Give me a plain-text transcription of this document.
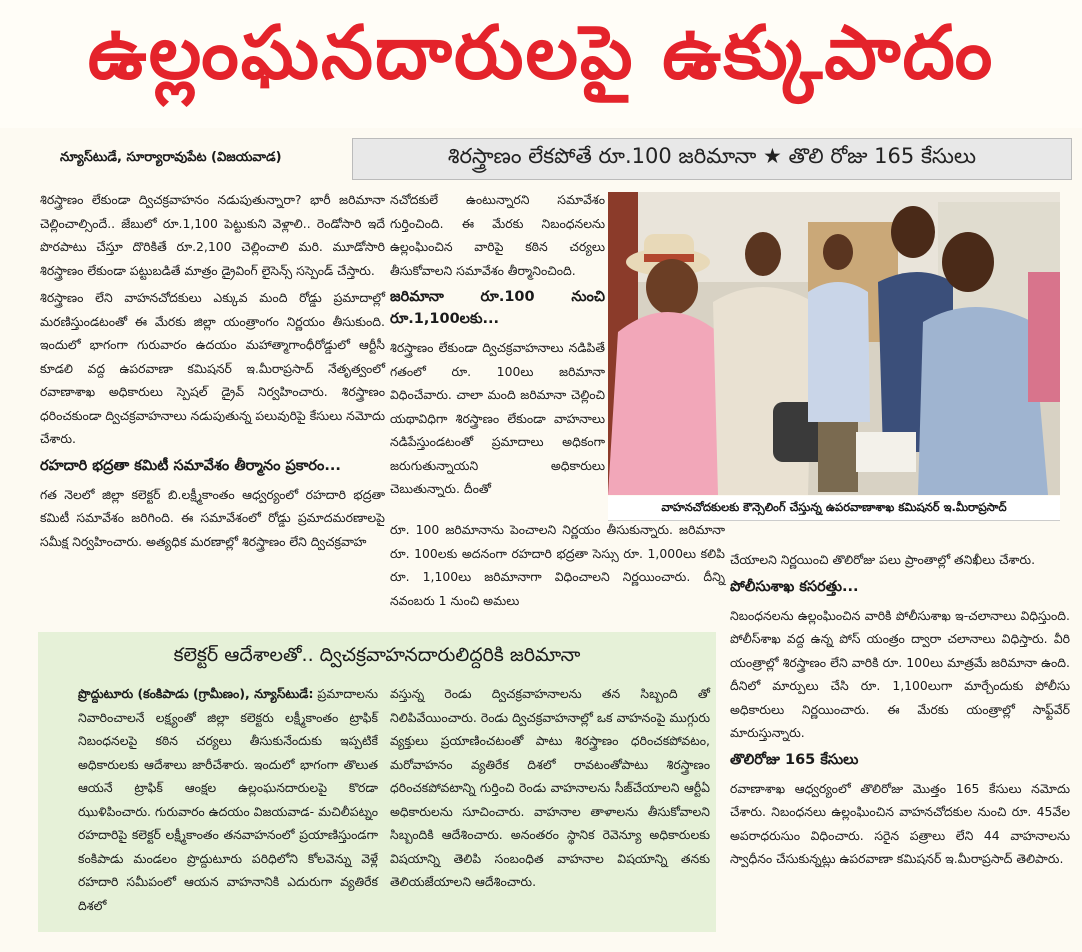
ఉల్లంఘనదారులపై ఉక్కుపాదం
న్యూస్‌టుడే, సూర్యారావుపేట (విజయవాడ)	శిరస్త్రాణం లేకపోతే రూ.100 జరిమానా ★ తొలి రోజు 165 కేసులు

శిరస్త్రాణం లేకుండా ద్విచక్రవాహనం నడుపుతున్నారా? భారీ జరిమానా చెల్లించాల్సిందే.. జేబులో రూ.1,100 పెట్టుకుని వెళ్లాలి.. రెండోసారి ఇదే పొరపాటు చేస్తూ దొరికితే రూ.2,100 చెల్లించాలి మరి. మూడోసారి శిరస్త్రాణం లేకుండా పట్టుబడితే మాత్రం డ్రైవింగ్ లైసెన్స్ సస్పెండ్ చేస్తారు.

శిరస్త్రాణం లేని వాహనచోదకులు ఎక్కువ మంది రోడ్డు ప్రమాదాల్లో మరణిస్తుండటంతో ఈ మేరకు జిల్లా యంత్రాంగం నిర్ణయం తీసుకుంది. ఇందులో భాగంగా గురువారం ఉదయం మహాత్మాగాంధీరోడ్డులో ఆర్టీసీ కూడలి వద్ద ఉపరవాణా కమిషనర్ ఇ.మీరాప్రసాద్ నేతృత్వంలో రవాణాశాఖ అధికారులు స్పెషల్ డ్రైవ్ నిర్వహించారు. శిరస్త్రాణం ధరించకుండా ద్విచక్రవాహనాలు నడుపుతున్న పలువురిపై కేసులు నమోదు చేశారు.

రహదారి భద్రతా కమిటీ సమావేశం తీర్మానం ప్రకారం...

గత నెలలో జిల్లా కలెక్టర్ బి.లక్ష్మీకాంతం ఆధ్వర్యంలో రహదారి భద్రతా కమిటీ సమావేశం జరిగింది. ఈ సమావేశంలో రోడ్డు ప్రమాదమరణాలపై సమీక్ష నిర్వహించారు. అత్యధిక మరణాల్లో శిరస్త్రాణం లేని ద్విచక్రవాహ

నచోదకులే ఉంటున్నారని సమావేశం గుర్తించింది. ఈ మేరకు నిబంధనలను ఉల్లంఘించిన వారిపై కఠిన చర్యలు తీసుకోవాలని సమావేశం తీర్మానించింది.

జరిమానా రూ.100 నుంచి రూ.1,100లకు...

శిరస్త్రాణం లేకుండా ద్విచక్రవాహనాలు నడిపితే గతంలో రూ. 100లు జరిమానా విధించేవారు. చాలా మంది జరిమానా చెల్లించి యథావిధిగా శిరస్త్రాణం లేకుండా వాహనాలు నడిపేస్తుండటంతో ప్రమాదాలు అధికంగా జరుగుతున్నాయని అధికారులు చెబుతున్నారు. దీంతో

రూ. 100 జరిమానాను పెంచాలని నిర్ణయం తీసుకున్నారు. జరిమానా రూ. 100లకు అదనంగా రహదారి భద్రతా సెస్సు రూ. 1,000లు కలిపి రూ. 1,100లు జరిమానాగా విధించాలని నిర్ణయించారు. దీన్ని నవంబరు 1 నుంచి అమలు
వాహనచోదకులకు కౌన్సెలింగ్ చేస్తున్న ఉపరవాణాశాఖ కమిషనర్ ఇ.మీరాప్రసాద్

చేయాలని నిర్ణయించి తొలిరోజు పలు ప్రాంతాల్లో తనిఖీలు చేశారు.

పోలీసుశాఖ కసరత్తు...

నిబంధనలను ఉల్లంఘించిన వారికి పోలీసుశాఖ ఇ-చలానాలు విధిస్తుంది. పోలీస్‌శాఖ వద్ద ఉన్న పోస్ యంత్రం ద్వారా చలానాలు విధిస్తారు. వీరి యంత్రాల్లో శిరస్త్రాణం లేని వారికి రూ. 100లు మాత్రమే జరిమానా ఉంది. దీనిలో మార్పులు చేసి రూ. 1,100లుగా మార్చేందుకు పోలీసు అధికారులు నిర్ణయించారు. ఈ మేరకు యంత్రాల్లో సాఫ్ట్‌వేర్ మారుస్తున్నారు.

తొలిరోజు 165 కేసులు

రవాణాశాఖ ఆధ్వర్యంలో తొలిరోజు మొత్తం 165 కేసులు నమోదు చేశారు. నిబంధనలు ఉల్లంఘించిన వాహనచోదకుల నుంచి రూ. 45వేల అపరాధరుసుం విధించారు. సరైన పత్రాలు లేని 44 వాహనాలను స్వాధీనం చేసుకున్నట్లు ఉపరవాణా కమిషనర్ ఇ.మీరాప్రసాద్ తెలిపారు.

కలెక్టర్ ఆదేశాలతో.. ద్విచక్రవాహనదారులిద్దరికి జరిమానా
ప్రొద్దుటూరు (కంకిపాడు (గ్రామీణం), న్యూస్‌టుడే: ప్రమాదాలను నివారించాలనే లక్ష్యంతో జిల్లా కలెక్టరు లక్ష్మీకాంతం ట్రాఫిక్ నిబంధనలపై కఠిన చర్యలు తీసుకునేందుకు ఇప్పటికే అధికారులకు ఆదేశాలు జారీచేశారు. ఇందులో భాగంగా తొలుత ఆయనే ట్రాఫిక్ ఆంక్షల ఉల్లంఘనదారులపై కొరడా ఝుళిపించారు. గురువారం ఉదయం విజయవాడ- మచిలీపట్నం రహదారిపై కలెక్టర్ లక్ష్మీకాంతం తనవాహనంలో ప్రయాణిస్తుండగా కంకిపాడు మండలం ప్రొద్దుటూరు పరిధిలోని కోలవెన్ను వెళ్లే రహదారి సమీపంలో ఆయన వాహనానికి ఎదురుగా వ్యతిరేక దిశలో
వస్తున్న రెండు ద్విచక్రవాహనాలను తన సిబ్బంది తో నిలిపివేయించారు. రెండు ద్విచక్రవాహనాల్లో ఒక వాహనంపై ముగ్గురు వ్యక్తులు ప్రయాణించటంతో పాటు శిరస్త్రాణం ధరించకపోవటం, మరోవాహనం వ్యతిరేక దిశలో రావటంతోపాటు శిరస్త్రాణం ధరించకపోవటాన్ని గుర్తించి రెండు వాహనాలను సీజ్‌చేయాలని ఆర్టీఏ అధికారులను సూచించారు. వాహనాల తాళాలను తీసుకోవాలని సిబ్బందికి ఆదేశించారు. అనంతరం స్థానిక రెవెన్యూ అధికారులకు విషయాన్ని తెలిపి సంబంధిత వాహనాల విషయాన్ని తనకు తెలియజేయాలని ఆదేశించారు.
